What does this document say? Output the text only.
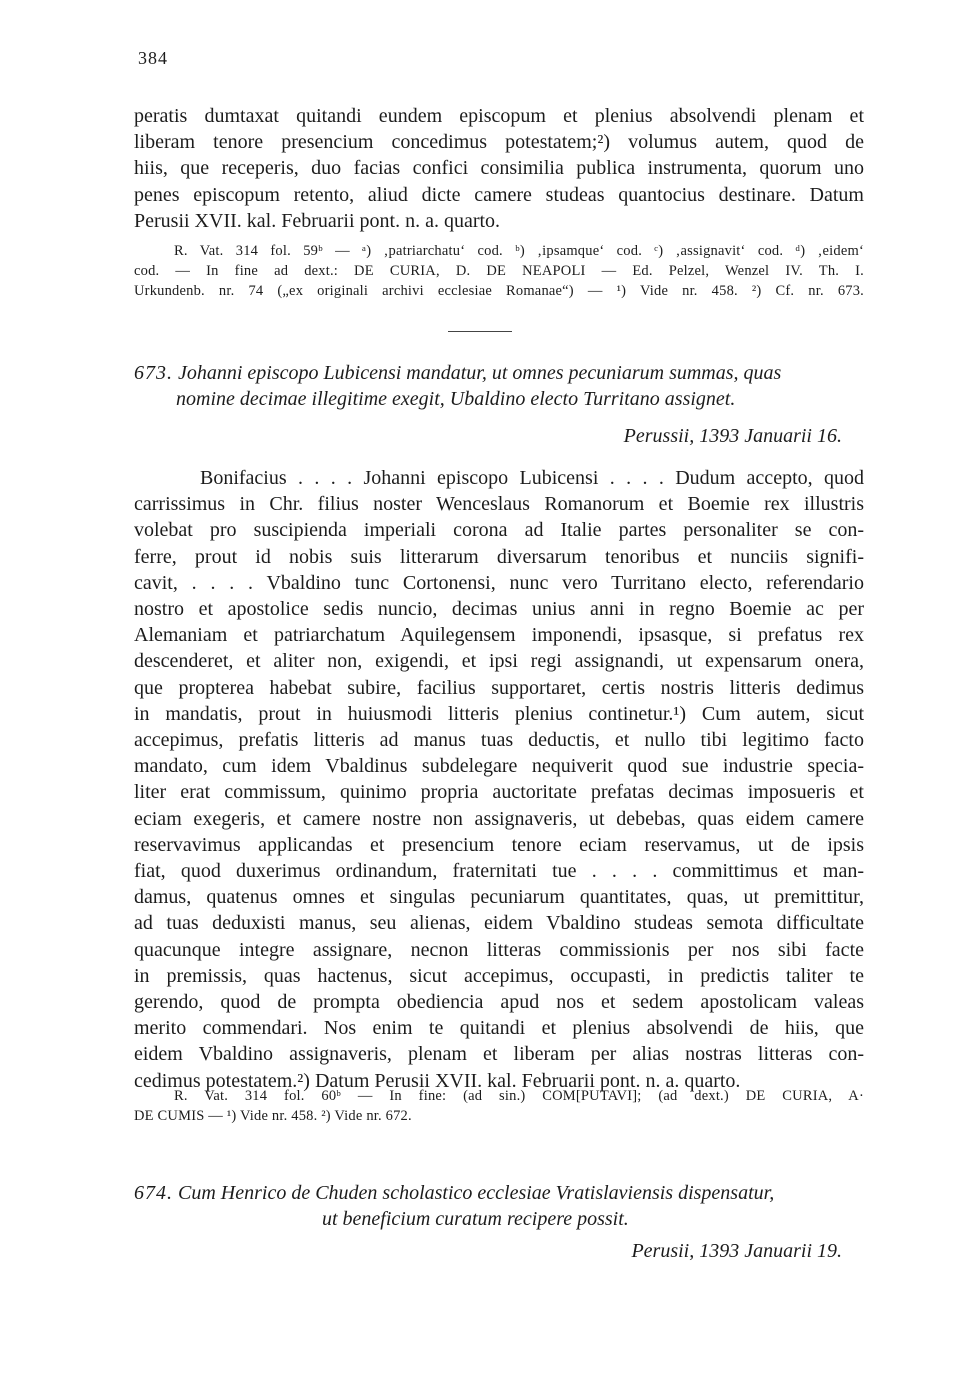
384
peratis dumtaxat quitandi eundem episcopum et plenius absolvendi plenam et
liberam tenore presencium concedimus potestatem;²) volumus autem, quod de
hiis, que receperis, duo facias confici consimilia publica instrumenta, quorum uno
penes episcopum retento, aliud dicte camere studeas quantocius destinare. Datum
Perusii XVII. kal. Februarii pont. n. a. quarto.
R. Vat. 314 fol. 59ᵇ — ᵃ) ‚patriarchatu‘ cod. ᵇ) ‚ipsamque‘ cod. ᶜ) ‚assignavit‘ cod. ᵈ) ‚eidem‘
cod. — In fine ad dext.: DE CURIA, D. DE NEAPOLI — Ed. Pelzel, Wenzel IV. Th. I.
Urkundenb. nr. 74 („ex originali archivi ecclesiae Romanae“) — ¹) Vide nr. 458. ²) Cf. nr. 673.
673. Johanni episcopo Lubicensi mandatur, ut omnes pecuniarum summas, quas
nomine decimae illegitime exegit, Ubaldino electo Turritano assignet.
Perussii, 1393 Januarii 16.
Bonifacius . . . . Johanni episcopo Lubicensi . . . . Dudum accepto, quod
carrissimus in Chr. filius noster Wenceslaus Romanorum et Boemie rex illustris
volebat pro suscipienda imperiali corona ad Italie partes personaliter se con-
ferre, prout id nobis suis litterarum diversarum tenoribus et nunciis signifi-
cavit, . . . . Vbaldino tunc Cortonensi, nunc vero Turritano electo, referendario
nostro et apostolice sedis nuncio, decimas unius anni in regno Boemie ac per
Alemaniam et patriarchatum Aquilegensem imponendi, ipsasque, si prefatus rex
descenderet, et aliter non, exigendi, et ipsi regi assignandi, ut expensarum onera,
que propterea habebat subire, facilius supportaret, certis nostris litteris dedimus
in mandatis, prout in huiusmodi litteris plenius continetur.¹) Cum autem, sicut
accepimus, prefatis litteris ad manus tuas deductis, et nullo tibi legitimo facto
mandato, cum idem Vbaldinus subdelegare nequiverit quod sue industrie specia-
liter erat commissum, quinimo propria auctoritate prefatas decimas imposueris et
eciam exegeris, et camere nostre non assignaveris, ut debebas, quas eidem camere
reservavimus applicandas et presencium tenore eciam reservamus, ut de ipsis
fiat, quod duxerimus ordinandum, fraternitati tue . . . . committimus et man-
damus, quatenus omnes et singulas pecuniarum quantitates, quas, ut premittitur,
ad tuas deduxisti manus, seu alienas, eidem Vbaldino studeas semota difficultate
quacunque integre assignare, necnon litteras commissionis per nos sibi facte
in premissis, quas hactenus, sicut accepimus, occupasti, in predictis taliter te
gerendo, quod de prompta obediencia apud nos et sedem apostolicam valeas
merito commendari. Nos enim te quitandi et plenius absolvendi de hiis, que
eidem Vbaldino assignaveris, plenam et liberam per alias nostras litteras con-
cedimus potestatem.²) Datum Perusii XVII. kal. Februarii pont. n. a. quarto.
R. Vat. 314 fol. 60ᵇ — In fine: (ad sin.) COM[PUTAVI]; (ad dext.) DE CURIA, A·
DE CUMIS — ¹) Vide nr. 458. ²) Vide nr. 672.
674. Cum Henrico de Chuden scholastico ecclesiae Vratislaviensis dispensatur,
ut beneficium curatum recipere possit.
Perusii, 1393 Januarii 19.
